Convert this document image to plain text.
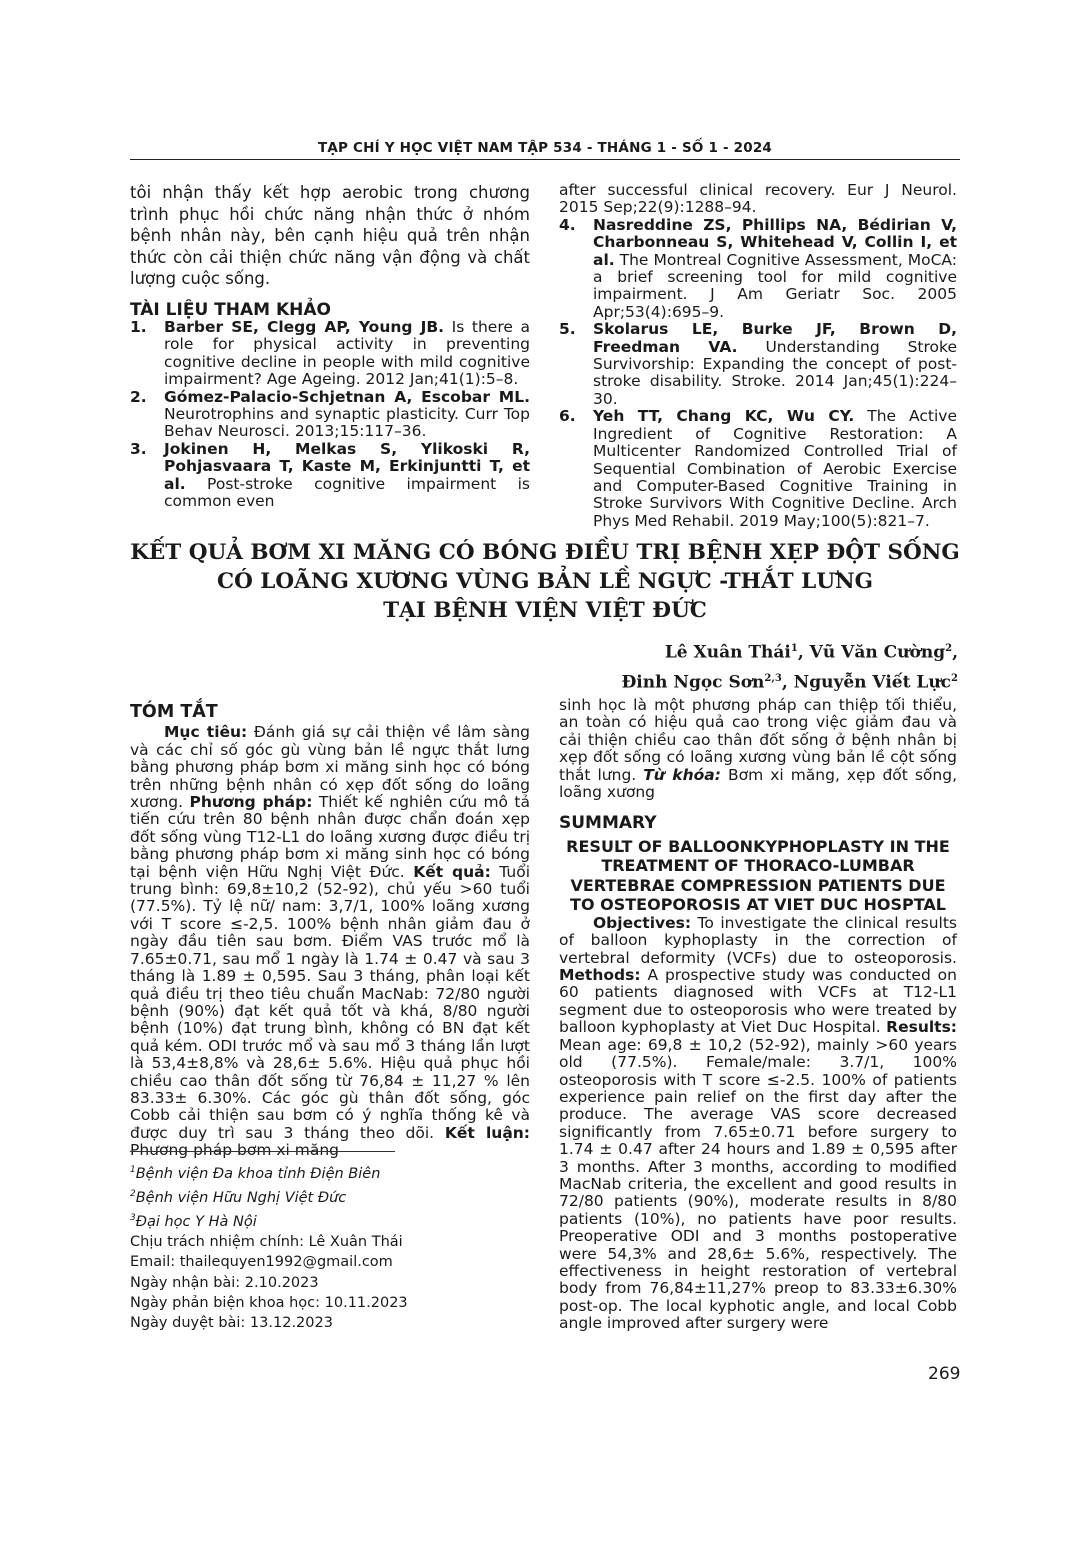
TẠP CHÍ Y HỌC VIỆT NAM TẬP 534 - THÁNG 1 - SỐ 1 - 2024

tôi nhận thấy kết hợp aerobic trong chương trình phục hồi chức năng nhận thức ở nhóm bệnh nhân này, bên cạnh hiệu quả trên nhận thức còn cải thiện chức năng vận động và chất lượng cuộc sống.

TÀI LIỆU THAM KHẢO

1.	Barber SE, Clegg AP, Young JB. Is there a role for physical activity in preventing cognitive decline in people with mild cognitive impairment? Age Ageing. 2012 Jan;41(1):5–8.
2.	Gómez-Palacio-Schjetnan A, Escobar ML. Neurotrophins and synaptic plasticity. Curr Top Behav Neurosci. 2013;15:117–36.
3.	Jokinen H, Melkas S, Ylikoski R, Pohjasvaara T, Kaste M, Erkinjuntti T, et al. Post-stroke cognitive impairment is common even
after successful clinical recovery. Eur J Neurol. 2015 Sep;22(9):1288–94.
4.	Nasreddine ZS, Phillips NA, Bédirian V, Charbonneau S, Whitehead V, Collin I, et al. The Montreal Cognitive Assessment, MoCA: a brief screening tool for mild cognitive impairment. J Am Geriatr Soc. 2005 Apr;53(4):695–9.
5.	Skolarus LE, Burke JF, Brown D, Freedman VA. Understanding Stroke Survivorship: Expanding the concept of post-stroke disability. Stroke. 2014 Jan;45(1):224–30.
6.	Yeh TT, Chang KC, Wu CY. The Active Ingredient of Cognitive Restoration: A Multicenter Randomized Controlled Trial of Sequential Combination of Aerobic Exercise and Computer-Based Cognitive Training in Stroke Survivors With Cognitive Decline. Arch Phys Med Rehabil. 2019 May;100(5):821–7.
KẾT QUẢ BƠM XI MĂNG CÓ BÓNG ĐIỀU TRỊ BỆNH XẸP ĐỘT SỐNG
CÓ LOÃNG XƯƠNG VÙNG BẢN LỀ NGỰC -THẮT LƯNG
TẠI BỆNH VIỆN VIỆT ĐỨC
Lê Xuân Thái$^1$, Vũ Văn Cường$^2$,
Đinh Ngọc Sơn$^{2,3}$, Nguyễn Viết Lực$^2$

TÓM TẮT

Mục tiêu: Đánh giá sự cải thiện về lâm sàng và các chỉ số góc gù vùng bản lề ngực thắt lưng bằng phương pháp bơm xi măng sinh học có bóng trên những bệnh nhân có xẹp đốt sống do loãng xương. Phương pháp: Thiết kế nghiên cứu mô tả tiến cứu trên 80 bệnh nhân được chẩn đoán xẹp đốt sống vùng T12-L1 do loãng xương được điều trị bằng phương pháp bơm xi măng sinh học có bóng tại bệnh viện Hữu Nghị Việt Đức. Kết quả: Tuổi trung bình: 69,8±10,2 (52-92), chủ yếu >60 tuổi (77.5%). Tỷ lệ nữ/ nam: 3,7/1, 100% loãng xương với T score ≤-2,5. 100% bệnh nhân giảm đau ở ngày đầu tiên sau bơm. Điểm VAS trước mổ là 7.65±0.71, sau mổ 1 ngày là 1.74 ± 0.47 và sau 3 tháng là 1.89 ± 0,595. Sau 3 tháng, phân loại kết quả điều trị theo tiêu chuẩn MacNab: 72/80 người bệnh (90%) đạt kết quả tốt và khá, 8/80 người bệnh (10%) đạt trung bình, không có BN đạt kết quả kém. ODI trước mổ và sau mổ 3 tháng lần lượt là 53,4±8,8% và 28,6± 5.6%. Hiệu quả phục hồi chiều cao thân đốt sống từ 76,84 ± 11,27 % lên 83.33± 6.30%. Các góc gù thân đốt sống, góc Cobb cải thiện sau bơm có ý nghĩa thống kê và được duy trì sau 3 tháng theo dõi. Kết luận: Phương pháp bơm xi măng

$^1$Bệnh viện Đa khoa tỉnh Điện Biên

$^2$Bệnh viện Hữu Nghị Việt Đức

$^3$Đại học Y Hà Nội

Chịu trách nhiệm chính: Lê Xuân Thái

Email: thailequyen1992@gmail.com

Ngày nhận bài: 2.10.2023

Ngày phản biện khoa học: 10.11.2023

Ngày duyệt bài: 13.12.2023

sinh học là một phương pháp can thiệp tối thiểu, an toàn có hiệu quả cao trong việc giảm đau và cải thiện chiều cao thân đốt sống ở bệnh nhân bị xẹp đốt sống có loãng xương vùng bản lề cột sống thắt lưng. Từ khóa: Bơm xi măng, xẹp đốt sống, loãng xương

SUMMARY

RESULT OF BALLOONKYPHOPLASTY IN THE TREATMENT OF THORACO-LUMBAR VERTEBRAE COMPRESSION PATIENTS DUE TO OSTEOPOROSIS AT VIET DUC HOSPTAL

Objectives: To investigate the clinical results of balloon kyphoplasty in the correction of vertebral deformity (VCFs) due to osteoporosis. Methods: A prospective study was conducted on 60 patients diagnosed with VCFs at T12-L1 segment due to osteoporosis who were treated by balloon kyphoplasty at Viet Duc Hospital. Results: Mean age: 69,8 ± 10,2 (52-92), mainly >60 years old (77.5%). Female/male: 3.7/1, 100% osteoporosis with T score ≤-2.5. 100% of patients experience pain relief on the first day after the produce. The average VAS score decreased significantly from 7.65±0.71 before surgery to 1.74 ± 0.47 after 24 hours and 1.89 ± 0,595 after 3 months. After 3 months, according to modified MacNab criteria, the excellent and good results in 72/80 patients (90%), moderate results in 8/80 patients (10%), no patients have poor results. Preoperative ODI and 3 months postoperative were 54,3% and 28,6± 5.6%, respectively. The effectiveness in height restoration of vertebral body from 76,84±11,27% preop to 83.33±6.30% post-op. The local kyphotic angle, and local Cobb angle improved after surgery were

269
